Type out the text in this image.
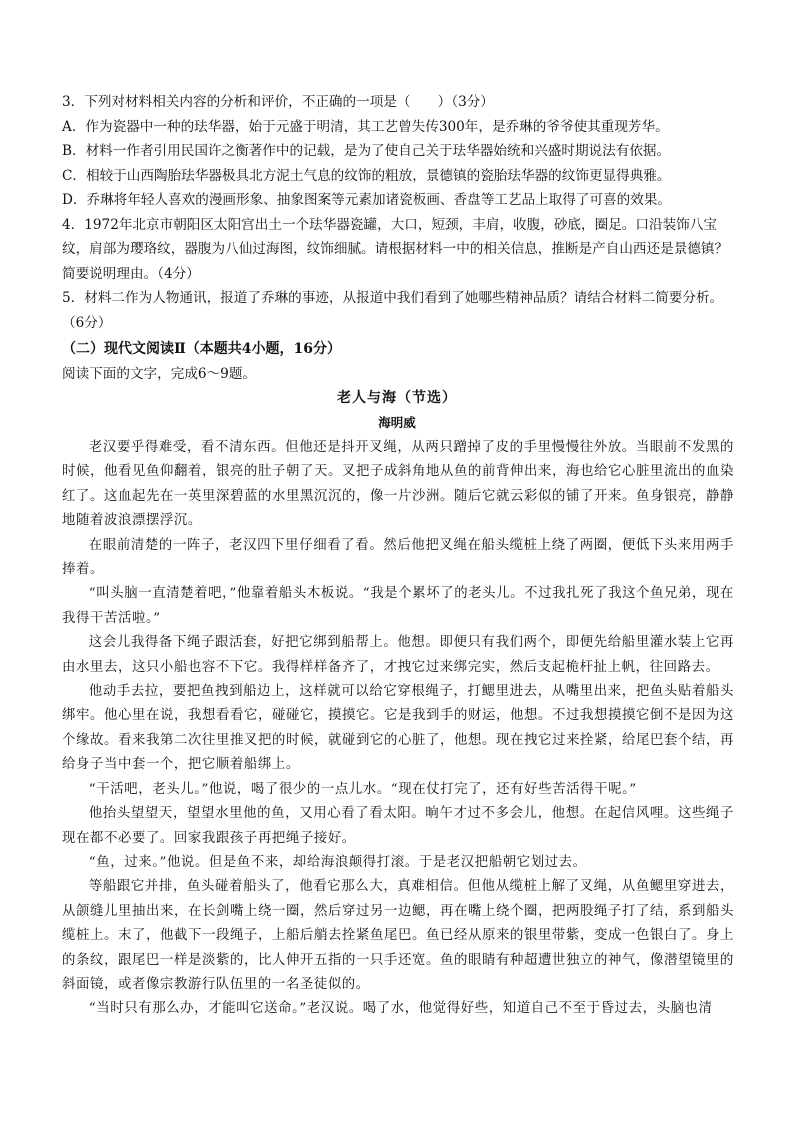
3．下列对材料相关内容的分析和评价，不正确的一项是（　　）（3分）
A．作为瓷器中一种的珐华器，始于元盛于明清，其工艺曾失传300年，是乔琳的爷爷使其重现芳华。
B．材料一作者引用民国许之衡著作中的记载，是为了使自己关于珐华器始统和兴盛时期说法有依据。
C．相较于山西陶胎珐华器极具北方泥土气息的纹饰的粗放，景德镇的瓷胎珐华器的纹饰更显得典雅。
D．乔琳将年轻人喜欢的漫画形象、抽象图案等元素加诸瓷板画、香盘等工艺品上取得了可喜的效果。
4．1972年北京市朝阳区太阳宫出土一个珐华器瓷罐，大口，短颈，丰肩，收腹，砂底，圈足。口沿装饰八宝
纹，肩部为璎珞纹，器腹为八仙过海图，纹饰细腻。请根据材料一中的相关信息，推断是产自山西还是景德镇？
简要说明理由。（4分）
5．材料二作为人物通讯，报道了乔琳的事迹，从报道中我们看到了她哪些精神品质？请结合材料二简要分析。
（6分）
（二）现代文阅读Ⅱ（本题共4小题，16分）
阅读下面的文字，完成6～9题。
老人与海（节选）
海明威

老汉要乎得难受，看不清东西。但他还是抖开叉绳，从两只蹭掉了皮的手里慢慢往外放。当眼前不发黑的时候，他看见鱼仰翻着，银亮的肚子朝了天。叉把子成斜角地从鱼的前背伸出来，海也给它心脏里流出的血染红了。这血起先在一英里深碧蓝的水里黑沉沉的，像一片沙洲。随后它就云彩似的铺了开来。鱼身银亮，静静地随着波浪漂摆浮沉。

在眼前清楚的一阵子，老汉四下里仔细看了看。然后他把叉绳在船头缆桩上绕了两圈，便低下头来用两手捧着。

“叫头脑一直清楚着吧，”他靠着船头木板说。“我是个累坏了的老头儿。不过我扎死了我这个鱼兄弟，现在我得干苦活啦。”

这会儿我得备下绳子跟活套，好把它绑到船帮上。他想。即便只有我们两个，即便先给船里灌水装上它再由水里去，这只小船也容不下它。我得样样备齐了，才拽它过来绑完实，然后支起桅杆扯上帆，往回路去。

他动手去拉，要把鱼拽到船边上，这样就可以给它穿根绳子，打鳃里进去，从嘴里出来，把鱼头贴着船头绑牢。他心里在说，我想看看它，碰碰它，摸摸它。它是我到手的财运，他想。不过我想摸摸它倒不是因为这个缘故。看来我第二次往里推叉把的时候，就碰到它的心脏了，他想。现在拽它过来拴紧，给尾巴套个结，再给身子当中套一个，把它顺着船绑上。

“干活吧，老头儿。”他说，喝了很少的一点儿水。“现在仗打完了，还有好些苦活得干呢。”

他抬头望望天，望望水里他的鱼，又用心看了看太阳。晌午才过不多会儿，他想。在起信风哩。这些绳子现在都不必要了。回家我跟孩子再把绳子接好。

“鱼，过来。”他说。但是鱼不来，却给海浪颠得打滚。于是老汉把船朝它划过去。

等船跟它并排，鱼头碰着船头了，他看它那么大，真难相信。但他从缆桩上解了叉绳，从鱼鳃里穿进去，从颌缝儿里抽出来，在长剑嘴上绕一圈，然后穿过另一边鳃，再在嘴上绕个圈，把两股绳子打了结，系到船头缆桩上。末了，他截下一段绳子，上船后艄去拴紧鱼尾巴。鱼已经从原来的银里带紫，变成一色银白了。身上的条纹，跟尾巴一样是淡紫的，比人伸开五指的一只手还宽。鱼的眼睛有种超遭世独立的神气，像潜望镜里的斜面镜，或者像宗教游行队伍里的一名圣徒似的。

“当时只有那么办，才能叫它送命。”老汉说。喝了水，他觉得好些，知道自己不至于昏过去，头脑也清
